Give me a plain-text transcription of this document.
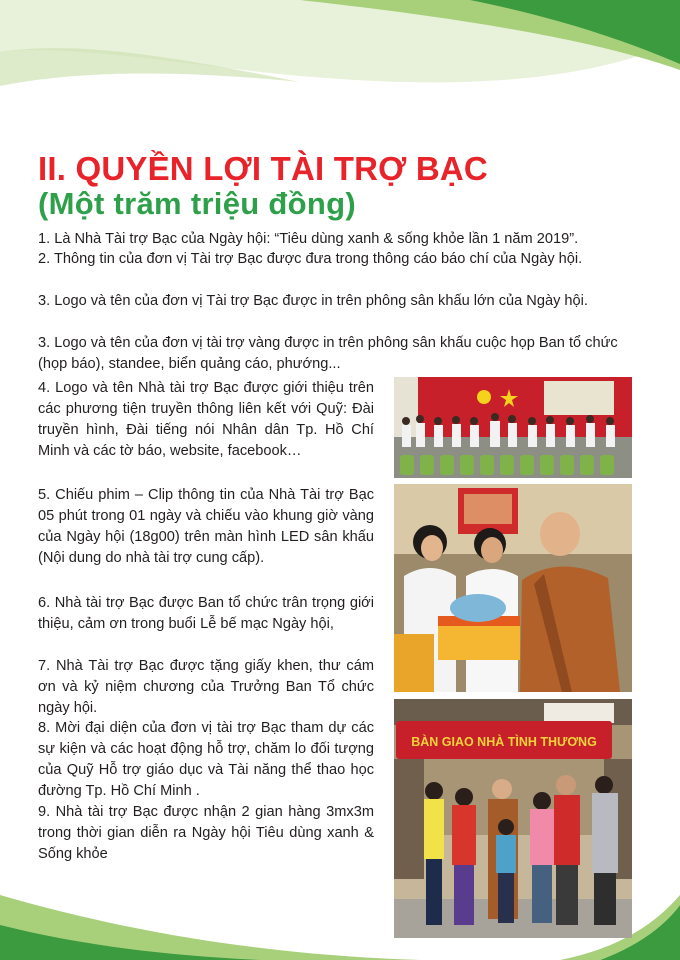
II. QUYỀN LỢI TÀI TRỢ BẠC
(Một trăm triệu đồng)

1. Là Nhà Tài trợ Bạc của Ngày hội: “Tiêu dùng xanh & sống khỏe lần 1 năm 2019”.

2. Thông tin của đơn vị Tài trợ Bạc được đưa trong thông cáo báo chí của Ngày hội.

3. Logo và tên của đơn vị Tài trợ Bạc được in trên phông sân khấu lớn của Ngày hội.

3. Logo và tên của đơn vị tài trợ vàng được in trên phông sân khấu cuộc họp Ban tổ chức (họp báo), standee, biển quảng cáo, phướng...

4. Logo và tên Nhà tài trợ Bạc được giới thiệu trên các phương tiện truyền thông liên kết với Quỹ: Đài truyền hình, Đài tiếng nói Nhân dân Tp. Hồ Chí Minh và các tờ báo, website, facebook…

5. Chiếu phim – Clip thông tin của Nhà Tài trợ Bạc 05 phút trong 01 ngày và chiếu vào khung giờ vàng của Ngày hội (18g00) trên màn hình LED sân khấu (Nội dung do nhà tài trợ cung cấp).

6. Nhà tài trợ Bạc được Ban tổ chức trân trọng giới thiệu, cảm ơn trong buổi Lễ bế mạc Ngày hội,

7. Nhà Tài trợ Bạc được tặng giấy khen, thư cám ơn và kỷ niệm chương của Trưởng Ban Tổ chức ngày hội.

8. Mời đại diện của đơn vị tài trợ Bạc tham dự các sự kiện và các hoạt động hỗ trợ, chăm lo đối tượng của Quỹ Hỗ trợ giáo dục và Tài năng thể thao học đường Tp. Hồ Chí Minh .

9. Nhà tài trợ Bạc được nhận 2 gian hàng 3mx3m trong thời gian diễn ra Ngày hội Tiêu dùng xanh & Sống khỏe

BÀN GIAO NHÀ TÌNH THƯƠNG
